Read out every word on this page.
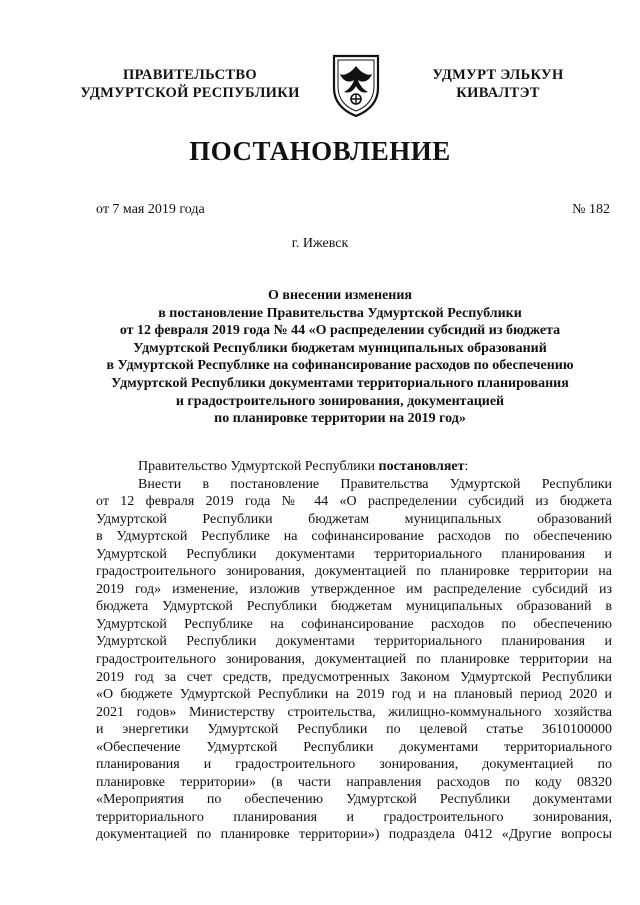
ПРАВИТЕЛЬСТВО
УДМУРТСКОЙ РЕСПУБЛИКИ
УДМУРТ ЭЛЬКУН
КИВАЛТЭТ
ПОСТАНОВЛЕНИЕ
от 7 мая 2019 года	№ 182
г. Ижевск
О внесении изменения
в постановление Правительства Удмуртской Республики
от 12 февраля 2019 года № 44 «О распределении субсидий из бюджета
Удмуртской Республики бюджетам муниципальных образований
в Удмуртской Республике на софинансирование расходов по обеспечению
Удмуртской Республики документами территориального планирования
и градостроительного зонирования, документацией
по планировке территории на 2019 год»
Правительство Удмуртской Республики постановляет:
Внести в постановление Правительства Удмуртской Республики
от 12 февраля 2019 года № 44 «О распределении субсидий из бюджета
Удмуртской Республики бюджетам муниципальных образований
в Удмуртской Республике на софинансирование расходов по обеспечению
Удмуртской Республики документами территориального планирования и
градостроительного зонирования, документацией по планировке территории на
2019 год» изменение, изложив утвержденное им распределение субсидий из
бюджета Удмуртской Республики бюджетам муниципальных образований в
Удмуртской Республике на софинансирование расходов по обеспечению
Удмуртской Республики документами территориального планирования и
градостроительного зонирования, документацией по планировке территории на
2019 год за счет средств, предусмотренных Законом Удмуртской Республики
«О бюджете Удмуртской Республики на 2019 год и на плановый период 2020 и
2021 годов» Министерству строительства, жилищно-коммунального хозяйства
и энергетики Удмуртской Республики по целевой статье 3610100000
«Обеспечение Удмуртской Республики документами территориального
планирования и градостроительного зонирования, документацией по
планировке территории» (в части направления расходов по коду 08320
«Мероприятия по обеспечению Удмуртской Республики документами
территориального планирования и градостроительного зонирования,
документацией по планировке территории») подраздела 0412 «Другие вопросы
